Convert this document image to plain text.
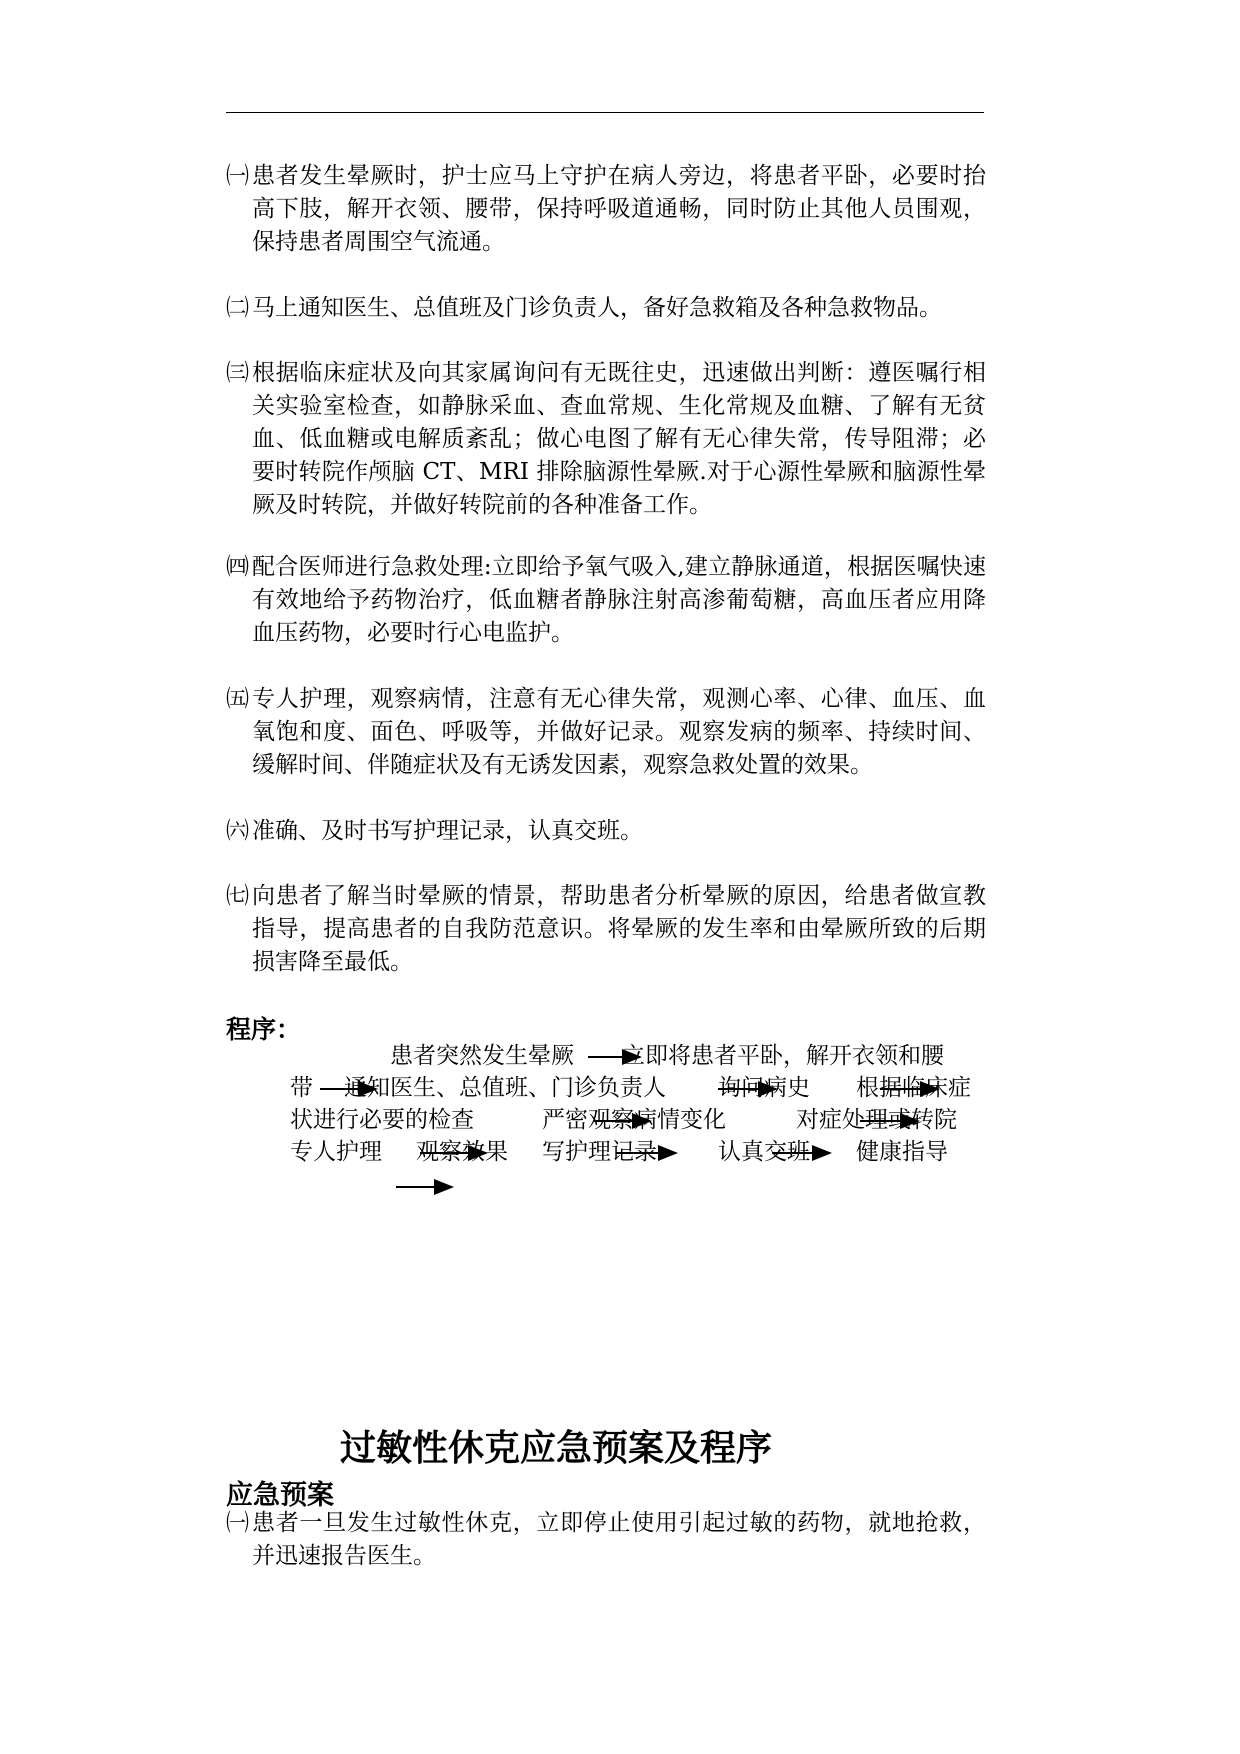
㈠ 患者发生晕厥时，护士应马上守护在病人旁边，将患者平卧，必要时抬高下肢，解开衣领、腰带，保持呼吸道通畅，同时防止其他人员围观，保持患者周围空气流通。
㈡ 马上通知医生、总值班及门诊负责人，备好急救箱及各种急救物品。
㈢ 根据临床症状及向其家属询问有无既往史，迅速做出判断：遵医嘱行相关实验室检查，如静脉采血、查血常规、生化常规及血糖、了解有无贫血、低血糖或电解质紊乱；做心电图了解有无心律失常，传导阻滞；必要时转院作颅脑 CT、MRI 排除脑源性晕厥.对于心源性晕厥和脑源性晕厥及时转院，并做好转院前的各种准备工作。
㈣ 配合医师进行急救处理:立即给予氧气吸入,建立静脉通道，根据医嘱快速有效地给予药物治疗，低血糖者静脉注射高渗葡萄糖，高血压者应用降血压药物，必要时行心电监护。
㈤ 专人护理，观察病情，注意有无心律失常，观测心率、心律、血压、血氧饱和度、面色、呼吸等，并做好记录。观察发病的频率、持续时间、缓解时间、伴随症状及有无诱发因素，观察急救处置的效果。
㈥ 准确、及时书写护理记录，认真交班。
㈦ 向患者了解当时晕厥的情景，帮助患者分析晕厥的原因，给患者做宣教指导，提高患者的自我防范意识。将晕厥的发生率和由晕厥所致的后期损害降至最低。
程序：
患者突然发生晕厥 立即将患者平卧，解开衣领和腰
带 通知医生、总值班、门诊负责人 询问病史 根据临床症
状进行必要的检查	严密观察病情变化	对症处理或转院
专人护理 观察效果 写护理记录	认真交班 健康指导
过敏性休克应急预案及程序
应急预案
㈠ 患者一旦发生过敏性休克，立即停止使用引起过敏的药物，就地抢救，并迅速报告医生。
